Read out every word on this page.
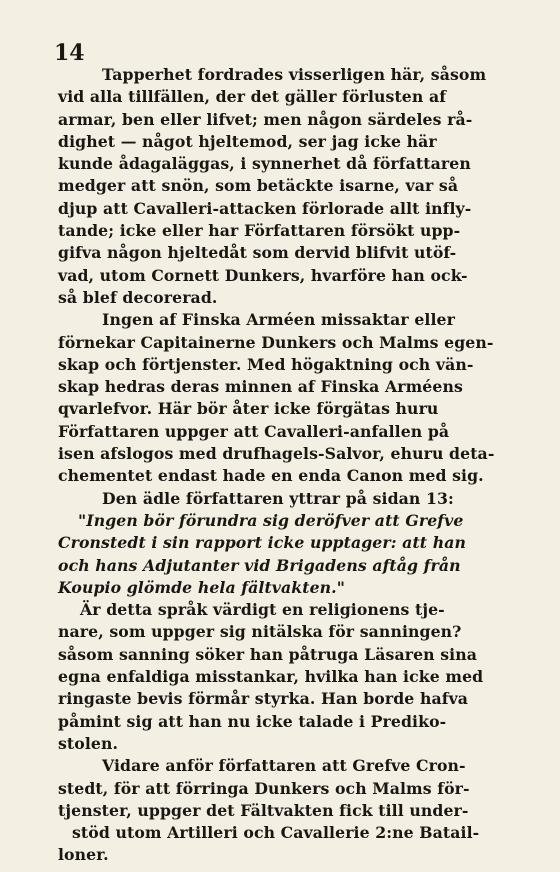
14
Tapperhet fordrades visserligen här, såsom
vid alla tillfällen, der det gäller förlusten af
armar, ben eller lifvet; men någon särdeles rå-
dighet — något hjeltemod, ser jag icke här
kunde ådagaläggas, i synnerhet då författaren
medger att snön, som betäckte isarne, var så
djup att Cavalleri-attacken förlorade allt infly-
tande; icke eller har Författaren försökt upp-
gifva någon hjeltedåt som dervid blifvit utöf-
vad, utom Cornett Dunkers, hvarföre han ock-
så blef decorerad.
Ingen af Finska Arméen missaktar eller
förnekar Capitainerne Dunkers och Malms egen-
skap och förtjenster. Med högaktning och vän-
skap hedras deras minnen af Finska Arméens
qvarlefvor. Här bör åter icke förgätas huru
Författaren uppger att Cavalleri-anfallen på
isen afslogos med drufhagels-Salvor, ehuru deta-
chementet endast hade en enda Canon med sig.
Den ädle författaren yttrar på sidan 13:
"Ingen bör förundra sig deröfver att Grefve
Cronstedt i sin rapport icke upptager: att han
och hans Adjutanter vid Brigadens aftåg från
Koupio glömde hela fältvakten."
Är detta språk värdigt en religionens tje-
nare, som uppger sig nitälska för sanningen?
såsom sanning söker han påtruga Läsaren sina
egna enfaldiga misstankar, hvilka han icke med
ringaste bevis förmår styrka. Han borde hafva
påmint sig att han nu icke talade i Prediko-
stolen.
Vidare anför författaren att Grefve Cron-
stedt, för att förringa Dunkers och Malms för-
tjenster, uppger det Fältvakten fick till under-
stöd utom Artilleri och Cavallerie 2:ne Batail-
loner.
